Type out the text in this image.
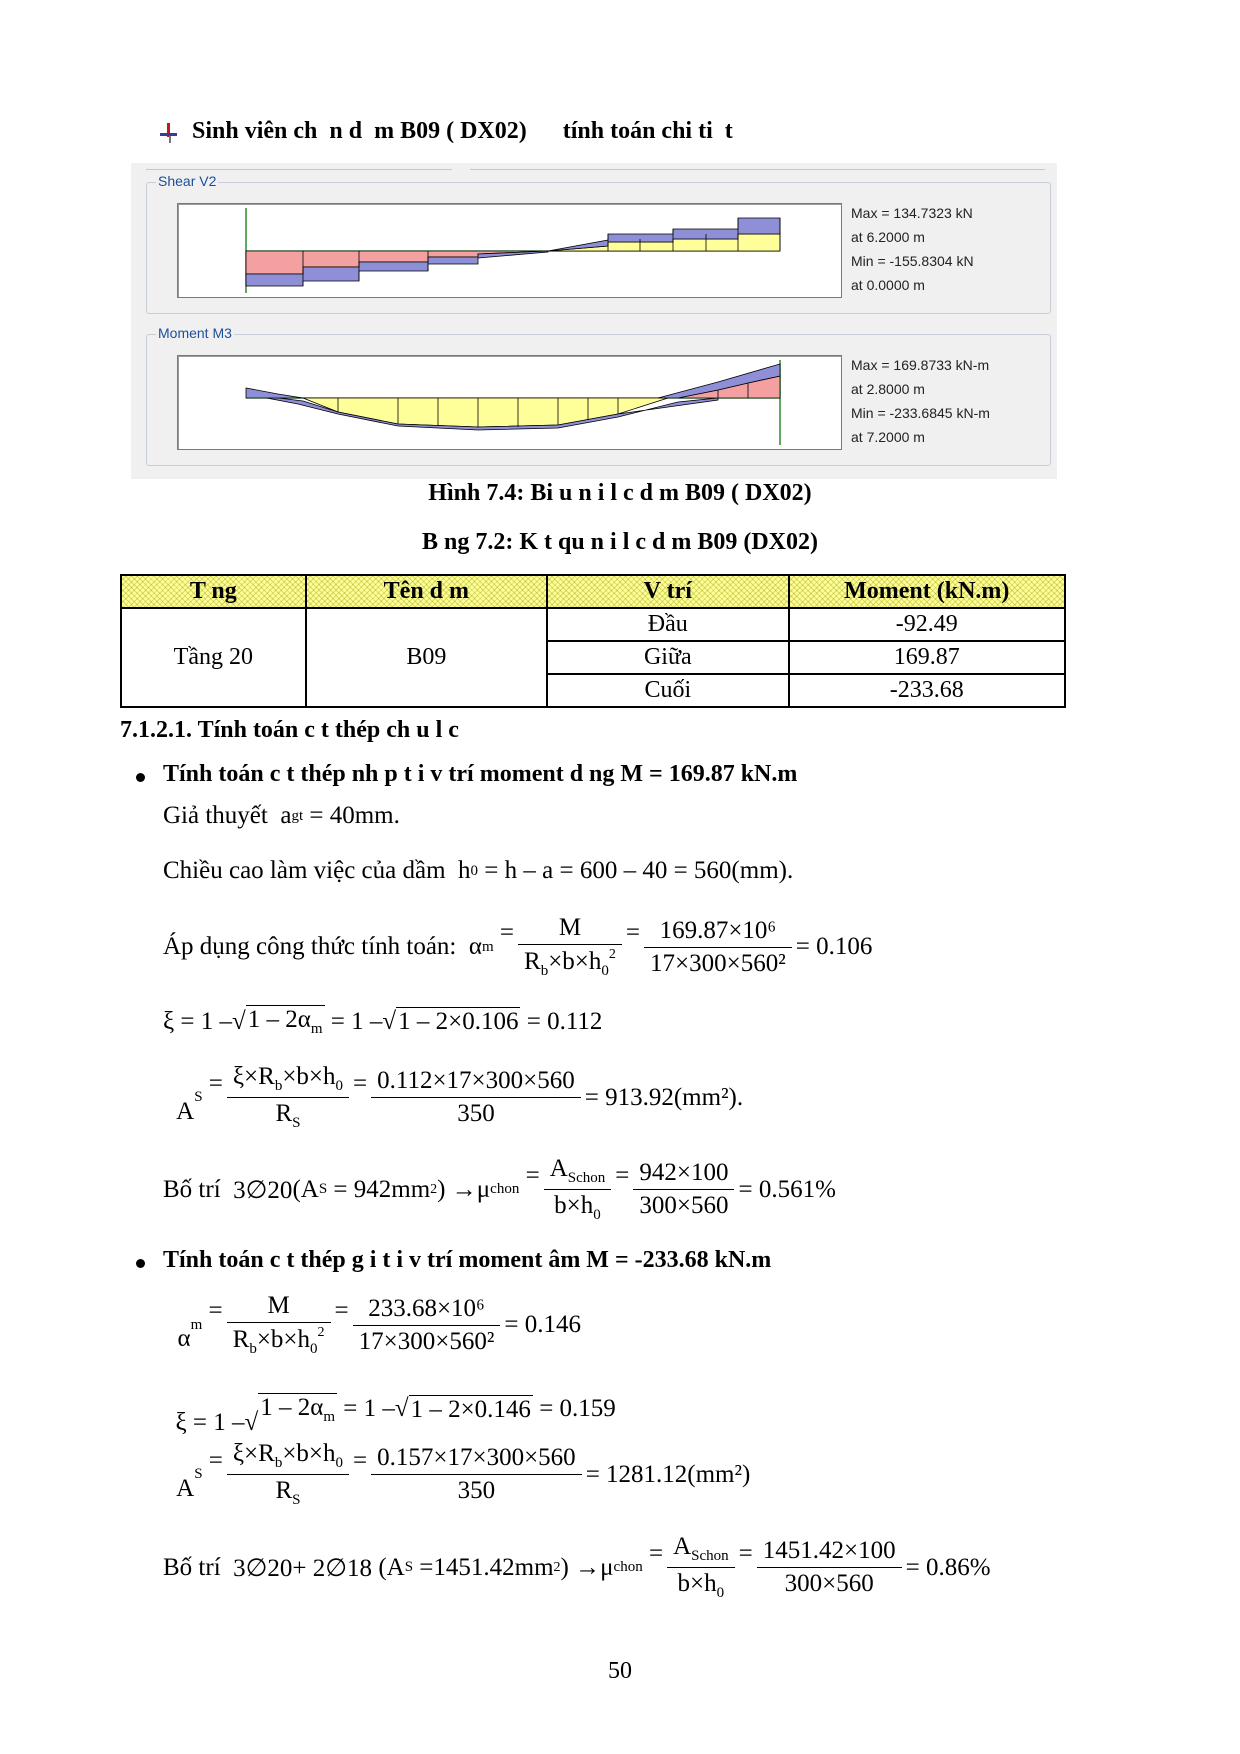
Sinh viên ch  n d  m B09 ( DX02)      tính toán chi ti  t
Shear V2
Max = 134.7323 kN
at 6.2000 m
Min = -155.8304 kN
at 0.0000 m
Moment M3
Max = 169.8733 kN-m
at 2.8000 m
Min = -233.6845 kN-m
at 7.2000 m
Hình 7.4: Bi u n i l c d m B09 ( DX02)
B ng 7.2: K t qu n i l c d m B09 (DX02)
T ng	Tên d m	V trí	Moment (kN.m)
Tầng 20	B09	Đầu	-92.49
		Giữa	169.87
		Cuối	-233.68
7.1.2.1. Tính toán c t thép ch u l c
Tính toán c t thép nh p t i v trí moment d ng M = 169.87 kN.m
Giả thuyết
a gt
= 40mm.
Chiều cao làm việc của dầm h 0
= h – a = 600 – 40 = 560(mm).
Áp dụng công thức tính toán: α m
=
$\frac{M}{R_b\times b\times h_0^2}$ =
$\frac{\text{169.87×10⁶}}{\text{17×300×560²}} = 0.106$
ξ = 1 – √ $1 - 2\alpha_m = 1$ – √ 1 – 2×0.106 = 0.112

A
S
=
$\frac{\xi\times R_b\times b\times h_0}{R_S}$ =
$\frac{0.112\times 17\times 300\times 560}{350} = 913.92(mm^2)$.
Bố trí
3∅20 (A S = 942mm 2 ) →μ chon
=
$\frac{A_{Schon}}{b\times h_0}$ =
$\frac{942\times 100}{300\times 560} = 0.561\%$
Tính toán c t thép g i t i v trí moment âm M = -233.68 kN.m

α
m
=
$\frac{M}{R_b\times b\times h_0^2}$ =
$\frac{\text{233.68×10⁶}}{\text{17×300×560²}} = 0.146$

ξ = 1 –√
$1 - 2\alpha_m = 1$ –√ 1 – 2×0.146 = 0.159

A
S
=
$\frac{\xi\times R_b\times b\times h_0}{R_S}$ =
$\frac{0.157\times 17\times 300\times 560}{350} = 1281.12(mm^2)$
Bố trí
3∅20+ 2∅18 (A S =1451.42mm 2 ) →μ chon
=
$\frac{A_{Schon}}{b\times h_0}$ =
$\frac{1451.42\times 100}{300\times 560} = 0.86\%$
50
